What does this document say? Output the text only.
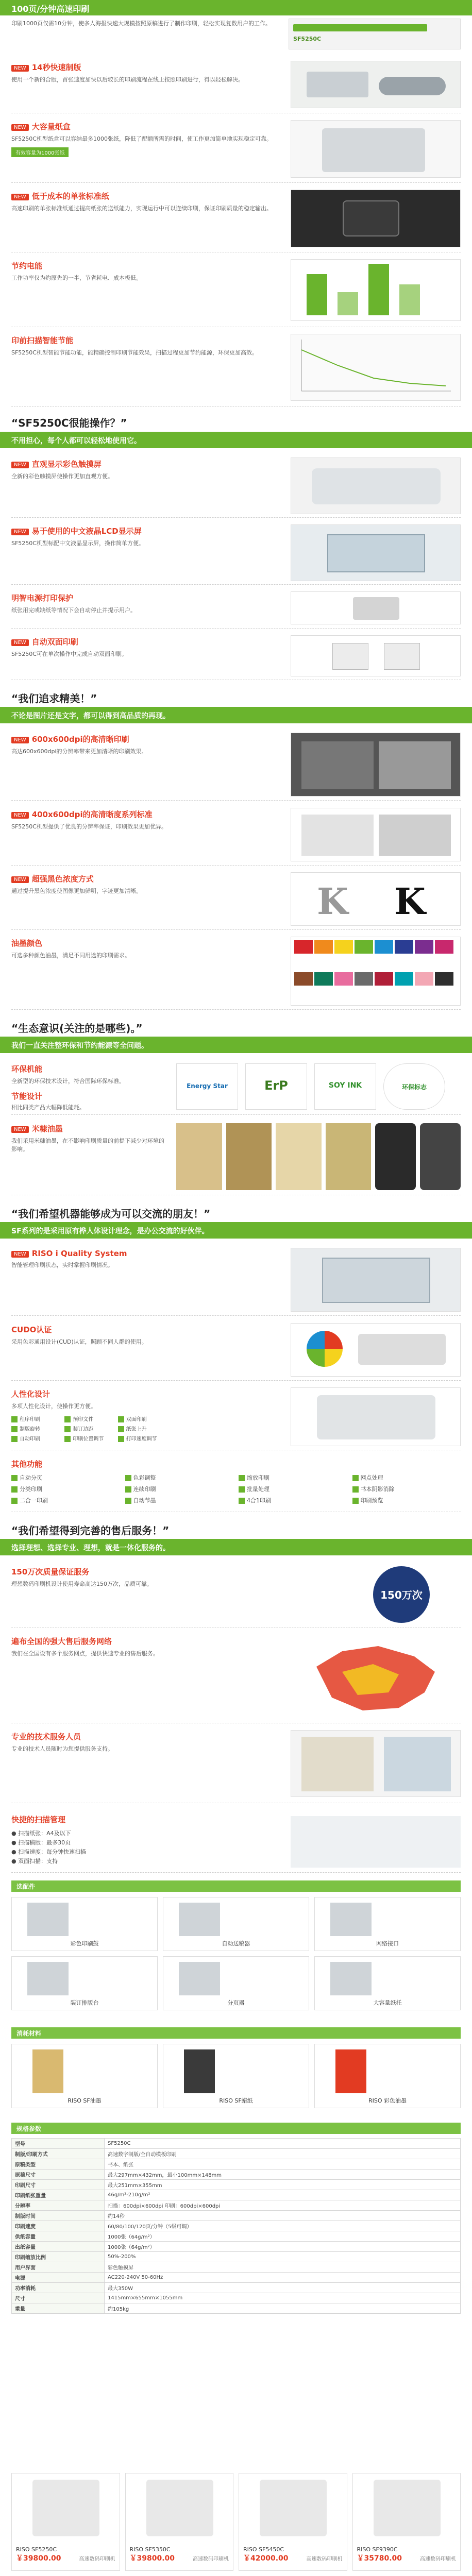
100页/分钟高速印刷
印刷1000页仅需10分钟，使多人海报快速大规模按照原稿进行了制作印刷，轻松实现复数用户的工作。
SF5250C
NEW 14秒快速制版
使用一个新的合版，首张速度加快以后较长的印刷流程在线上按照印刷进行，得以轻松解决。
NEW 大容量纸盒
SF5250C机型纸盒可以容纳最多1000张纸，降低了配额所需的时间，使工作更加简单地实现稳定可靠。
有效容量为1000张纸
NEW 低于成本的单张标准纸
高速印刷的单张标准纸通过提高纸张的送纸能力，实现运行中可以连续印刷，保证印刷质量的稳定输出。
节约电能
工作功率仅为约原先的一半，节省耗电、成本极低。
印前扫描智能节能
SF5250C机型智能节能功能，能精确控制印刷节能效果，扫描过程更加节约能源，环保更加高效。
“SF5250C很能操作？”
不用担心，每个人都可以轻松地使用它。
NEW 直观显示彩色触摸屏
全新的彩色触摸屏使操作更加直观方便。
NEW 易于使用的中文液晶LCD显示屏
SF5250C机型标配中文液晶显示屏，操作简单方便。
明智电源打印保护
纸张用完或缺纸等情况下会自动停止并提示用户。
NEW 自动双面印刷
SF5250C可在单次操作中完成自动双面印刷。
“我们追求精美！”
不论是图片还是文字，都可以得到高品质的再现。
NEW 600x600dpi的高清晰印刷
高达600x600dpi的分辨率带来更加清晰的印刷效果。
NEW 400x600dpi的高清晰度系列标准
SF5250C机型提供了优良的分辨率保证，印刷效果更加优异。
NEW 超强黑色浓度方式
通过提升黑色浓度使图像更加鲜明，字迹更加清晰。	K K
油墨颜色
可选多种颜色油墨，满足不同用途的印刷需求。
“生态意识(关注的是哪些)。”
我们一直关注整环保和节约能源等全问题。
环保机能
全新型的环保技术设计，符合国际环保标准。
节能设计
相比同类产品大幅降低能耗。
Energy Star	ErP	SOY INK	环保标志
NEW 米糠油墨
我们采用米糠油墨，在不影响印刷质量的前提下减少对环境的影响。
“我们希望机器能够成为可以交流的朋友！”
SF系列的是采用原有桦人体设计理念，是办公交流的好伙伴。
NEW RISO i Quality System
智能管理印刷状态，实时掌握印刷情况。
CUDO认证
采用色彩通用设计(CUD)认证，照顾不同人群的使用。
人性化设计
多项人性化设计，使操作更方便。
程序印刷	预印文件	双面印刷
制版旋转	装订边距	纸张上升
自动印刷	印刷位置调节	打印速度调节
其他功能
自动分页	色彩调整	缩放印刷	网点处理
分类印刷	连续印刷	批量处理	书本阴影消除
二合一印刷	自动节墨	4合1印刷	印刷预览
“我们希望得到完善的售后服务！”
选择理想、选择专业、理想，就是一体化服务的。
150万次质量保证服务
理想数码印刷机设计使用寿命高达150万次，品质可靠。
150万次
遍布全国的强大售后服务网络
我们在全国设有多个服务网点，提供快速专业的售后服务。
专业的技术服务人员
专业的技术人员随时为您提供服务支持。
快捷的扫描管理
● 扫描纸张：A4及以下
● 扫描稿版：最多30页
● 扫描速度：每分钟快速扫描
● 双面扫描：支持
选配件
彩色印刷鼓	自动送稿器	网络接口
装订排版台	分页器	大容量纸托
消耗材料
RISO SF油墨	RISO SF蜡纸	RISO 彩色油墨
规格参数
型号	SF5250C
制版/印刷方式	高速数字制版/全自动模板印刷
原稿类型	书本、纸张
原稿尺寸	最大297mm×432mm，最小100mm×148mm
印刷尺寸	最大251mm×355mm
印刷纸张重量	46g/m²-210g/m²
分辨率	扫描：600dpi×600dpi 印刷：600dpi×600dpi
制版时间	约14秒
印刷速度	60/80/100/120页/分钟（5级可调）
供纸容量	1000张（64g/m²）
出纸容量	1000张（64g/m²）
印刷缩放比例	50%-200%
用户界面	彩色触摸屏
电源	AC220-240V 50-60Hz
功率消耗	最大350W
尺寸	1415mm×655mm×1055mm
重量	约105kg
RISO SF5250C
￥39800.00	高速数码印刷机
RISO SF5350C
￥39800.00	高速数码印刷机
RISO SF5450C
￥42000.00	高速数码印刷机
RISO SF9390C
￥35780.00	高速数码印刷机
